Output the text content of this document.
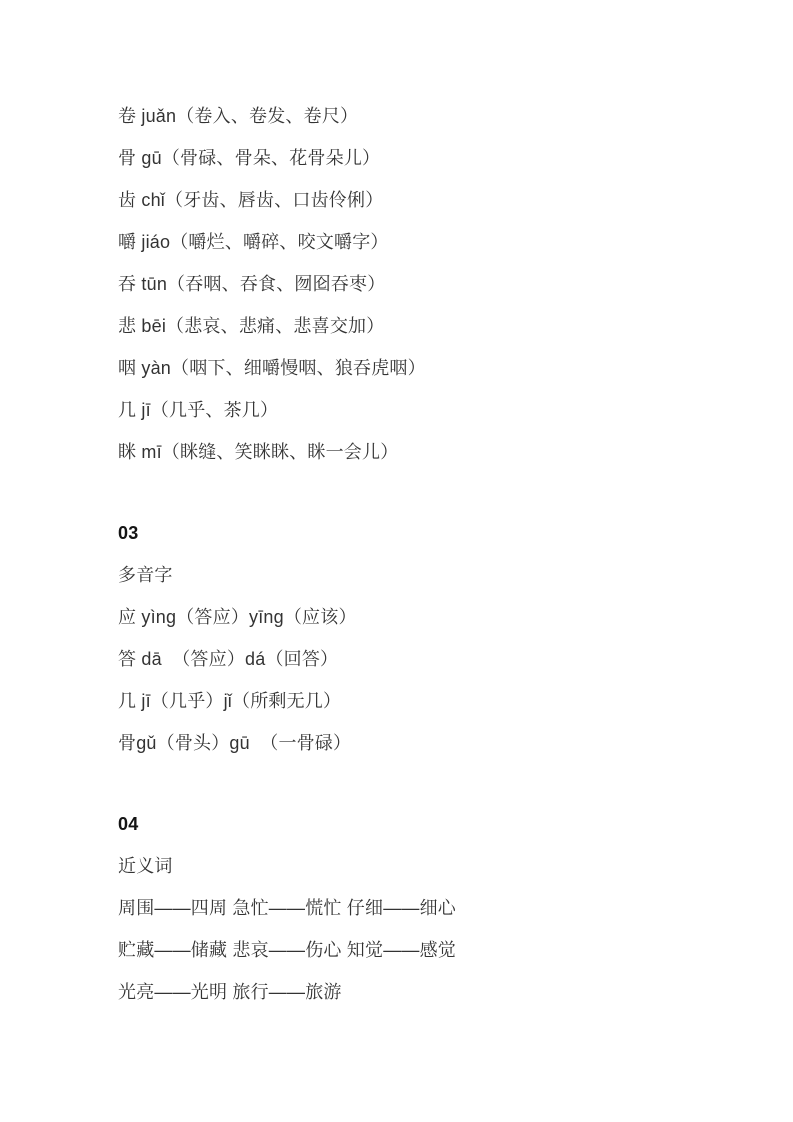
卷 juǎn（卷入、卷发、卷尺）

骨 gū（骨碌、骨朵、花骨朵儿）

齿 chǐ（牙齿、唇齿、口齿伶俐）

嚼 jiáo（嚼烂、嚼碎、咬文嚼字）

吞 tūn（吞咽、吞食、囫囵吞枣）

悲 bēi（悲哀、悲痛、悲喜交加）

咽 yàn（咽下、细嚼慢咽、狼吞虎咽）

几 jī（几乎、茶几）

眯 mī（眯缝、笑眯眯、眯一会儿）

03

多音字

应 yìng（答应）yīng（应该）

答 dā  （答应）dá（回答）

几 jī（几乎）jǐ（所剩无几）

骨gǔ（骨头）gū  （一骨碌）

04

近义词

周围——四周 急忙——慌忙 仔细——细心

贮藏——储藏 悲哀——伤心 知觉——感觉

光亮——光明 旅行——旅游
